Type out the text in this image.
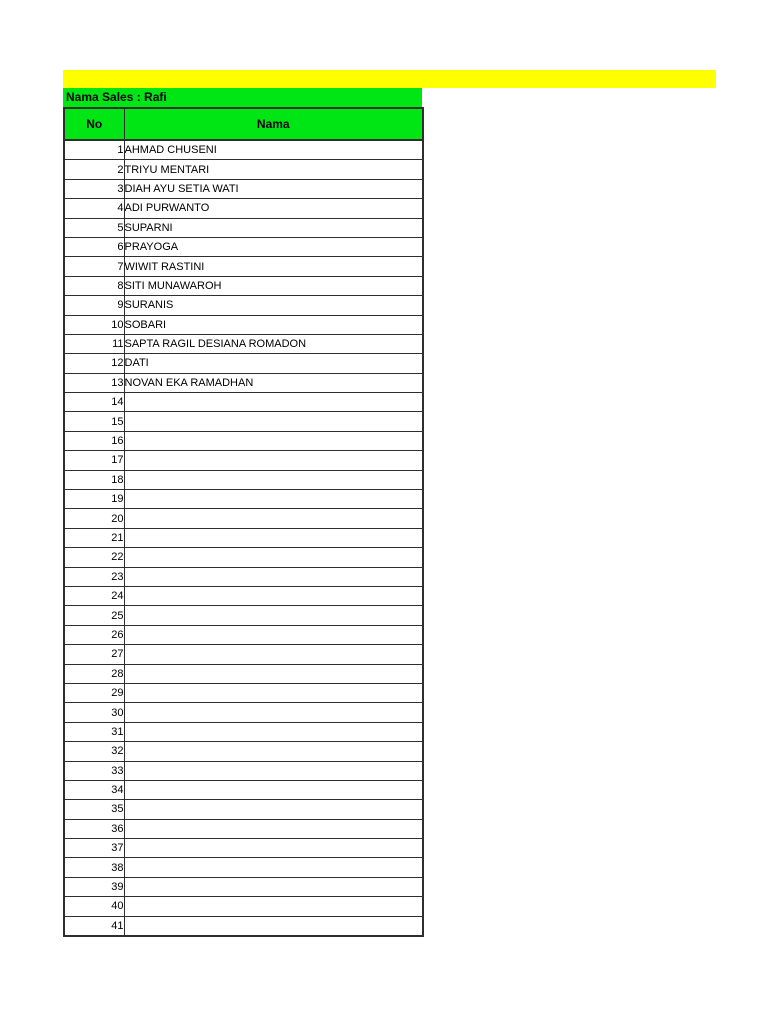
Nama Sales : Rafi
No	Nama
1	AHMAD CHUSENI
2	TRIYU MENTARI
3	DIAH AYU SETIA WATI
4	ADI PURWANTO
5	SUPARNI
6	PRAYOGA
7	WIWIT RASTINI
8	SITI MUNAWAROH
9	SURANIS
10	SOBARI
11	SAPTA RAGIL DESIANA ROMADON
12	DATI
13	NOVAN EKA RAMADHAN
14	
15	
16	
17	
18	
19	
20	
21	
22	
23	
24	
25	
26	
27	
28	
29	
30	
31	
32	
33	
34	
35	
36	
37	
38	
39	
40	
41	
